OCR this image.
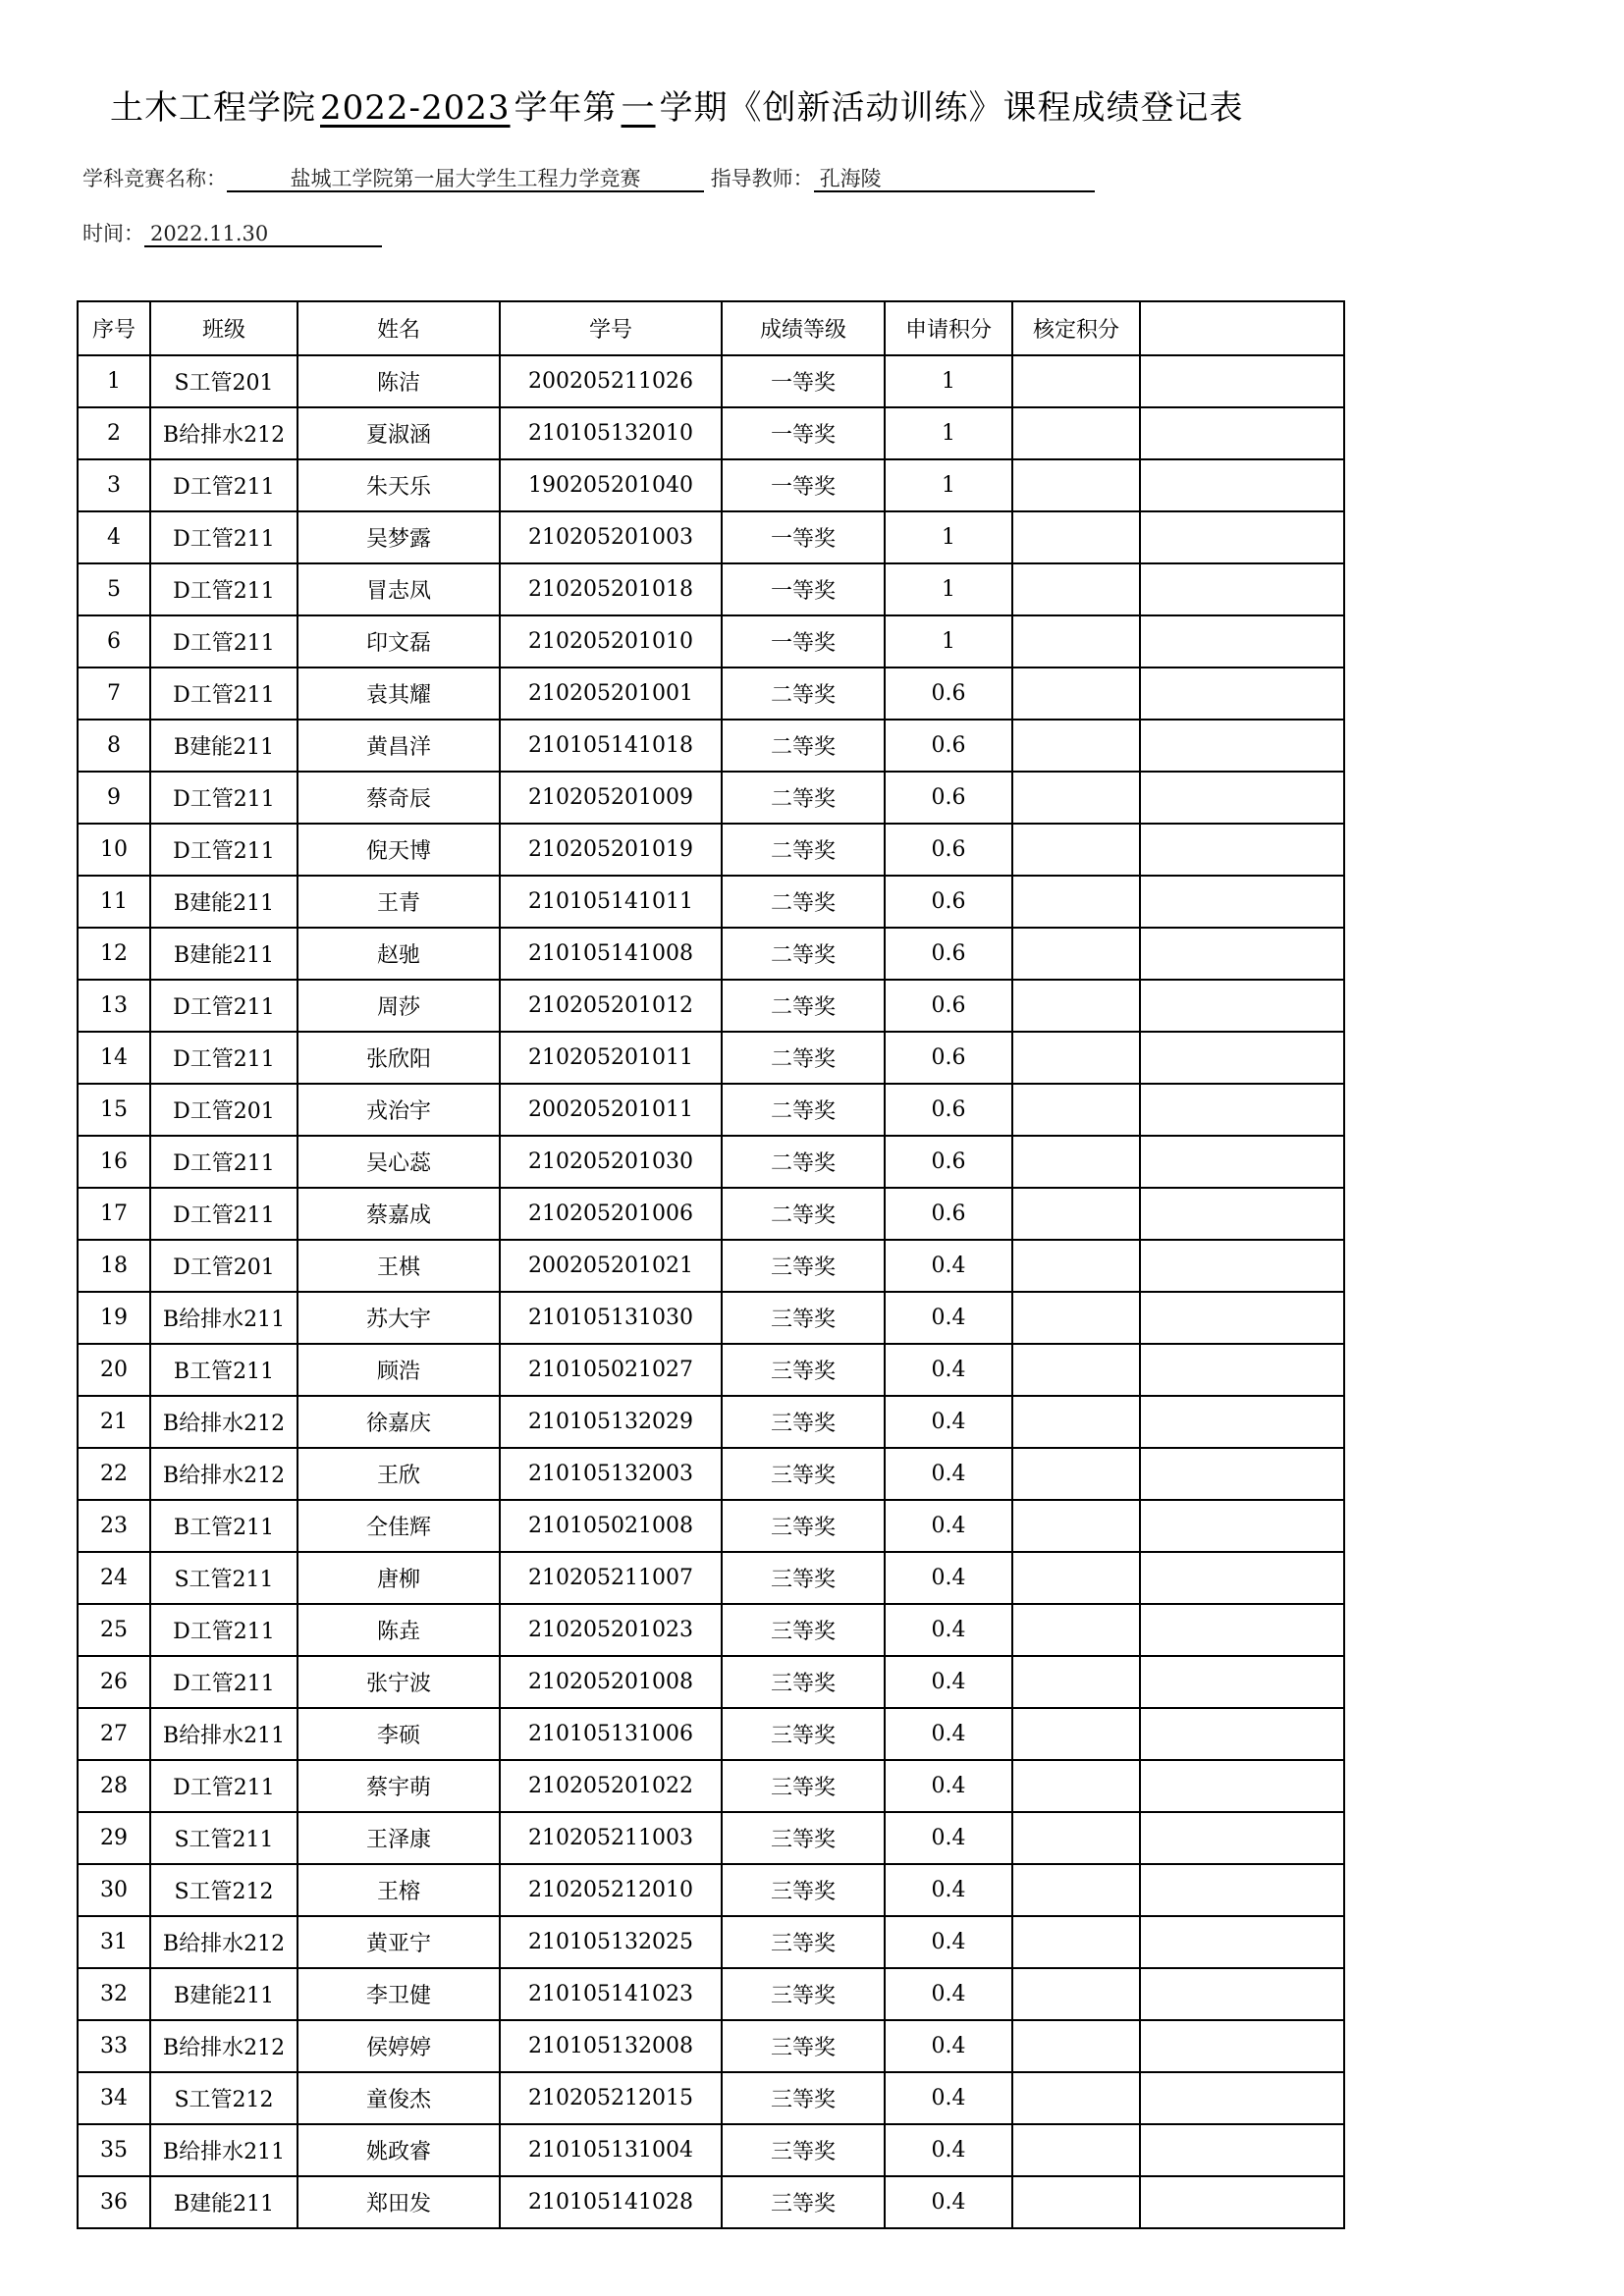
土木工程学院 2022-2023 学年第 一 学期《创新活动训练》课程成绩登记表
学科竞赛名称：	盐城工学院第一届大学生工程力学竞赛	指导教师： 孔海陵
时间： 2022.11.30
序号	班级	姓名	学号	成绩等级	申请积分	核定积分	
1	S工管201	陈洁	200205211026	一等奖	1		
2	B给排水212	夏淑涵	210105132010	一等奖	1		
3	D工管211	朱天乐	190205201040	一等奖	1		
4	D工管211	吴梦露	210205201003	一等奖	1		
5	D工管211	冒志凤	210205201018	一等奖	1		
6	D工管211	印文磊	210205201010	一等奖	1		
7	D工管211	袁其耀	210205201001	二等奖	0.6		
8	B建能211	黄昌洋	210105141018	二等奖	0.6		
9	D工管211	蔡奇辰	210205201009	二等奖	0.6		
10	D工管211	倪天博	210205201019	二等奖	0.6		
11	B建能211	王青	210105141011	二等奖	0.6		
12	B建能211	赵驰	210105141008	二等奖	0.6		
13	D工管211	周莎	210205201012	二等奖	0.6		
14	D工管211	张欣阳	210205201011	二等奖	0.6		
15	D工管201	戎治宇	200205201011	二等奖	0.6		
16	D工管211	吴心蕊	210205201030	二等奖	0.6		
17	D工管211	蔡嘉成	210205201006	二等奖	0.6		
18	D工管201	王棋	200205201021	三等奖	0.4		
19	B给排水211	苏大宇	210105131030	三等奖	0.4		
20	B工管211	顾浩	210105021027	三等奖	0.4		
21	B给排水212	徐嘉庆	210105132029	三等奖	0.4		
22	B给排水212	王欣	210105132003	三等奖	0.4		
23	B工管211	仝佳辉	210105021008	三等奖	0.4		
24	S工管211	唐柳	210205211007	三等奖	0.4		
25	D工管211	陈垚	210205201023	三等奖	0.4		
26	D工管211	张宁波	210205201008	三等奖	0.4		
27	B给排水211	李硕	210105131006	三等奖	0.4		
28	D工管211	蔡宇萌	210205201022	三等奖	0.4		
29	S工管211	王泽康	210205211003	三等奖	0.4		
30	S工管212	王榕	210205212010	三等奖	0.4		
31	B给排水212	黄亚宁	210105132025	三等奖	0.4		
32	B建能211	李卫健	210105141023	三等奖	0.4		
33	B给排水212	侯婷婷	210105132008	三等奖	0.4		
34	S工管212	童俊杰	210205212015	三等奖	0.4		
35	B给排水211	姚政睿	210105131004	三等奖	0.4		
36	B建能211	郑田发	210105141028	三等奖	0.4		
